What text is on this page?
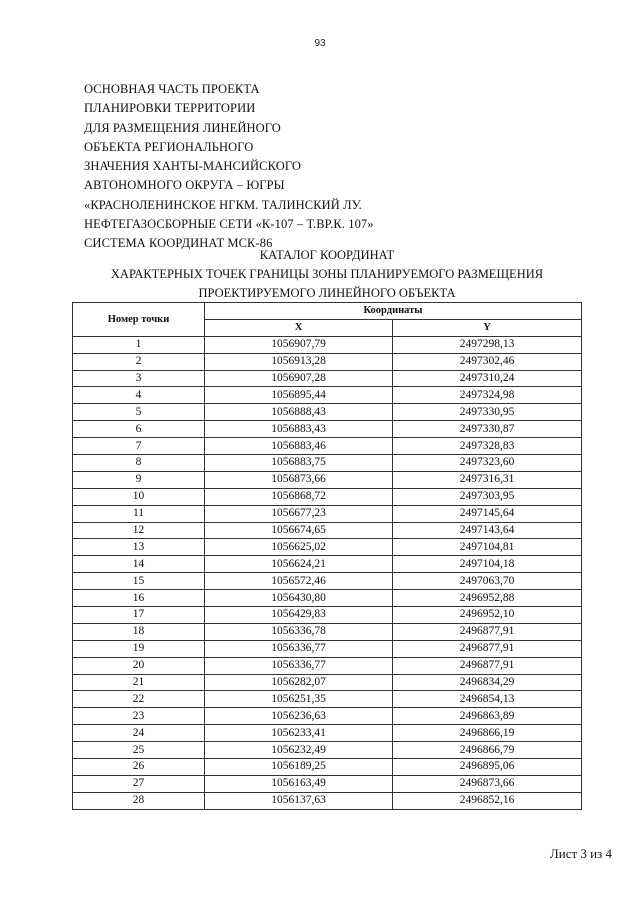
93
ОСНОВНАЯ ЧАСТЬ ПРОЕКТА
ПЛАНИРОВКИ ТЕРРИТОРИИ
ДЛЯ РАЗМЕЩЕНИЯ ЛИНЕЙНОГО
ОБЪЕКТА РЕГИОНАЛЬНОГО
ЗНАЧЕНИЯ ХАНТЫ-МАНСИЙСКОГО
АВТОНОМНОГО ОКРУГА – ЮГРЫ
«КРАСНОЛЕНИНСКОЕ НГКМ. ТАЛИНСКИЙ ЛУ.
НЕФТЕГАЗОСБОРНЫЕ СЕТИ «К-107 – Т.ВР.К. 107»
СИСТЕМА КООРДИНАТ МСК-86
КАТАЛОГ КООРДИНАТ
ХАРАКТЕРНЫХ ТОЧЕК ГРАНИЦЫ ЗОНЫ ПЛАНИРУЕМОГО РАЗМЕЩЕНИЯ
ПРОЕКТИРУЕМОГО ЛИНЕЙНОГО ОБЪЕКТА
Номер точки	Координаты	
	X	Y
1	1056907,79	2497298,13
2	1056913,28	2497302,46
3	1056907,28	2497310,24
4	1056895,44	2497324,98
5	1056888,43	2497330,95
6	1056883,43	2497330,87
7	1056883,46	2497328,83
8	1056883,75	2497323,60
9	1056873,66	2497316,31
10	1056868,72	2497303,95
11	1056677,23	2497145,64
12	1056674,65	2497143,64
13	1056625,02	2497104,81
14	1056624,21	2497104,18
15	1056572,46	2497063,70
16	1056430,80	2496952,88
17	1056429,83	2496952,10
18	1056336,78	2496877,91
19	1056336,77	2496877,91
20	1056336,77	2496877,91
21	1056282,07	2496834,29
22	1056251,35	2496854,13
23	1056236,63	2496863,89
24	1056233,41	2496866,19
25	1056232,49	2496866,79
26	1056189,25	2496895,06
27	1056163,49	2496873,66
28	1056137,63	2496852,16
Лист 3 из 4
